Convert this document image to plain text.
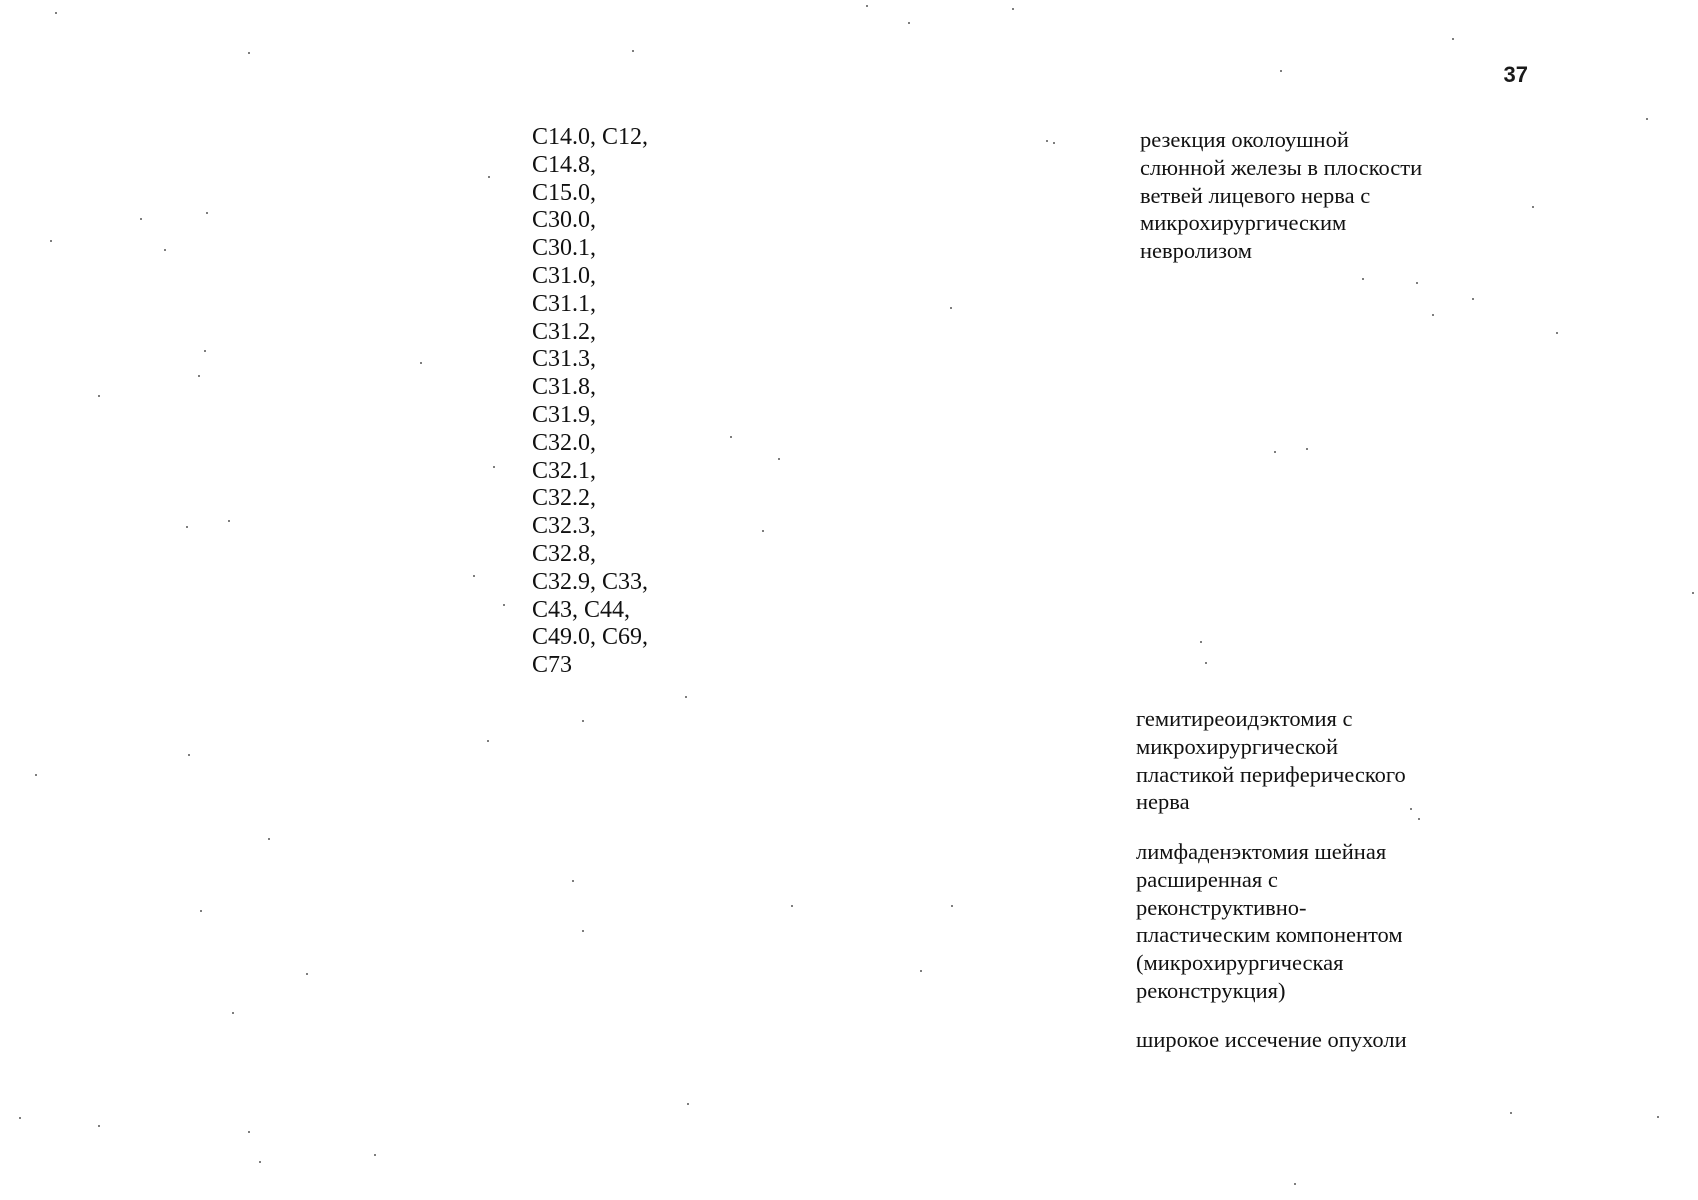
37
C14.0, C12,
C14.8,
C15.0,
C30.0,
C30.1,
C31.0,
C31.1,
C31.2,
C31.3,
C31.8,
C31.9,
C32.0,
C32.1,
C32.2,
C32.3,
C32.8,
C32.9, C33,
C43, C44,
C49.0, C69,
C73
резекция околоушной
слюнной железы в плоскости
ветвей лицевого нерва с
микрохирургическим
невролизом
гемитиреоидэктомия с
микрохирургической
пластикой периферического
нерва
лимфаденэктомия шейная
расширенная с
реконструктивно-
пластическим компонентом
(микрохирургическая
реконструкция)
широкое иссечение опухоли
